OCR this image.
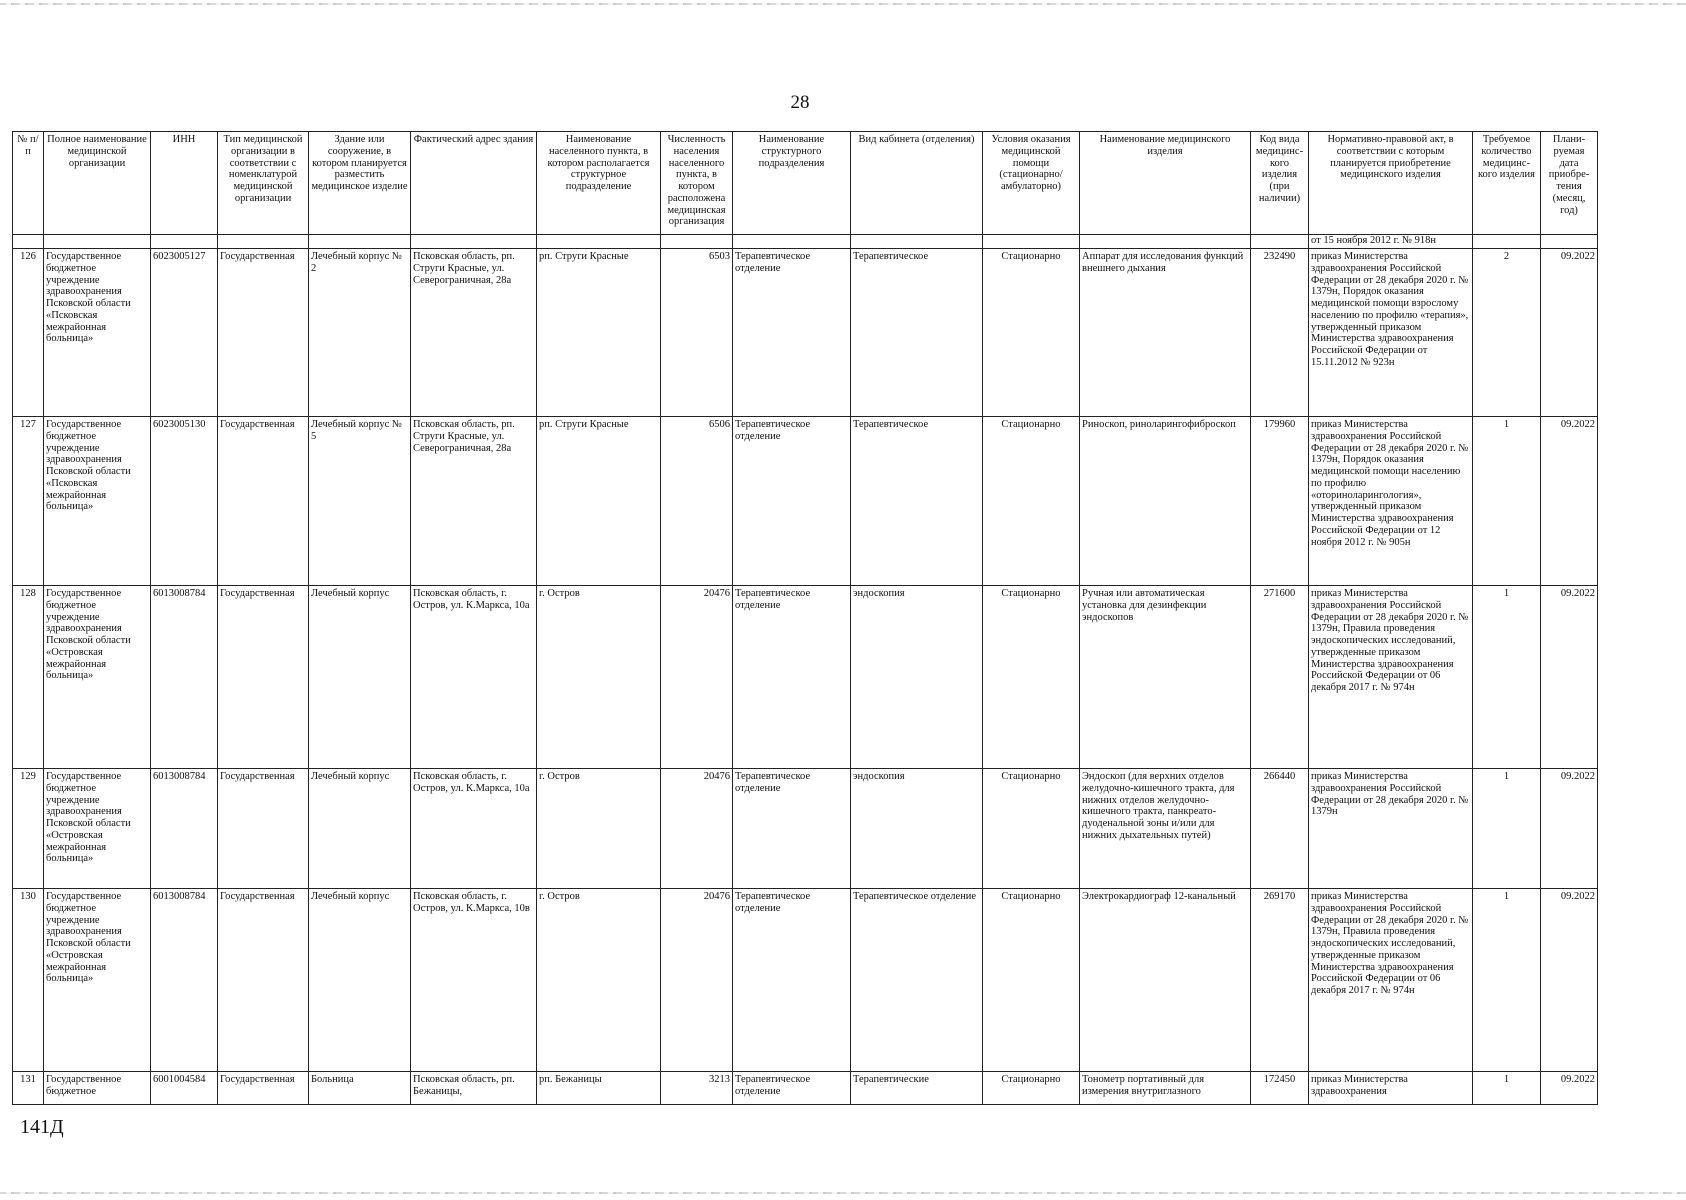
28
№ п/п	Полное наименование медицинской организации	ИНН	Тип медицинской организации в соответствии с номенклатурой медицинской организации	Здание или сооружение, в котором планируется разместить медицинское изделие	Фактический адрес здания	Наименование населенного пункта, в котором располагается структурное подразделение	Численность населения населенного пункта, в котором расположена медицинская организация	Наименование структурного подразделения	Вид кабинета (отделения)	Условия оказания медицинской помощи (стационарно/ амбулаторно)	Наименование медицинского изделия	Код вида медицинс-кого изделия (при наличии)	Нормативно-правовой акт, в соответствии с которым планируется приобретение медицинского изделия	Требуемое количество медицинс-кого изделия	Плани-руемая дата приобре-тения (месяц, год)
													от 15 ноября 2012 г. № 918н		
126	Государственное бюджетное учреждение здравоохранения Псковской области «Псковская межрайонная больница»	6023005127	Государственная	Лечебный корпус № 2	Псковская область, рп. Струги Красные, ул. Северограничная, 28а	рп. Струги Красные	6503	Терапевтическое отделение	Терапевтическое	Стационарно	Аппарат для исследования функций внешнего дыхания	232490	приказ Министерства здравоохранения Российской Федерации от 28 декабря 2020 г. № 1379н, Порядок оказания медицинской помощи взрослому населению по профилю «терапия», утвержденный приказом Министерства здравоохранения Российской Федерации от 15.11.2012 № 923н	2	09.2022
127	Государственное бюджетное учреждение здравоохранения Псковской области «Псковская межрайонная больница»	6023005130	Государственная	Лечебный корпус № 5	Псковская область, рп. Струги Красные, ул. Северограничная, 28а	рп. Струги Красные	6506	Терапевтическое отделение	Терапевтическое	Стационарно	Риноскоп, риноларингофиброскоп	179960	приказ Министерства здравоохранения Российской Федерации от 28 декабря 2020 г. № 1379н, Порядок оказания медицинской помощи населению по профилю «оториноларингология», утвержденный приказом Министерства здравоохранения Российской Федерации от 12 ноября 2012 г. № 905н	1	09.2022
128	Государственное бюджетное учреждение здравоохранения Псковской области «Островская межрайонная больница»	6013008784	Государственная	Лечебный корпус	Псковская область, г. Остров, ул. К.Маркса, 10а	г. Остров	20476	Терапевтическое отделение	эндоскопия	Стационарно	Ручная или автоматическая установка для дезинфекции эндоскопов	271600	приказ Министерства здравоохранения Российской Федерации от 28 декабря 2020 г. № 1379н, Правила проведения эндоскопических исследований, утвержденные приказом Министерства здравоохранения Российской Федерации от 06 декабря 2017 г. № 974н	1	09.2022
129	Государственное бюджетное учреждение здравоохранения Псковской области «Островская межрайонная больница»	6013008784	Государственная	Лечебный корпус	Псковская область, г. Остров, ул. К.Маркса, 10а	г. Остров	20476	Терапевтическое отделение	эндоскопия	Стационарно	Эндоскоп (для верхних отделов желудочно-кишечного тракта, для нижних отделов желудочно-кишечного тракта, панкреато-дуоденальной зоны и/или для нижних дыхательных путей)	266440	приказ Министерства здравоохранения Российской Федерации от 28 декабря 2020 г. № 1379н	1	09.2022
130	Государственное бюджетное учреждение здравоохранения Псковской области «Островская межрайонная больница»	6013008784	Государственная	Лечебный корпус	Псковская область, г. Остров, ул. К.Маркса, 10в	г. Остров	20476	Терапевтическое отделение	Терапевтическое отделение	Стационарно	Электрокардиограф 12-канальный	269170	приказ Министерства здравоохранения Российской Федерации от 28 декабря 2020 г. № 1379н, Правила проведения эндоскопических исследований, утвержденные приказом Министерства здравоохранения Российской Федерации от 06 декабря 2017 г. № 974н	1	09.2022
131	Государственное бюджетное	6001004584	Государственная	Больница	Псковская область, рп. Бежаницы,	рп. Бежаницы	3213	Терапевтическое отделение	Терапевтические	Стационарно	Тонометр портативный для измерения внутриглазного	172450	приказ Министерства здравоохранения	1	09.2022
141Д
